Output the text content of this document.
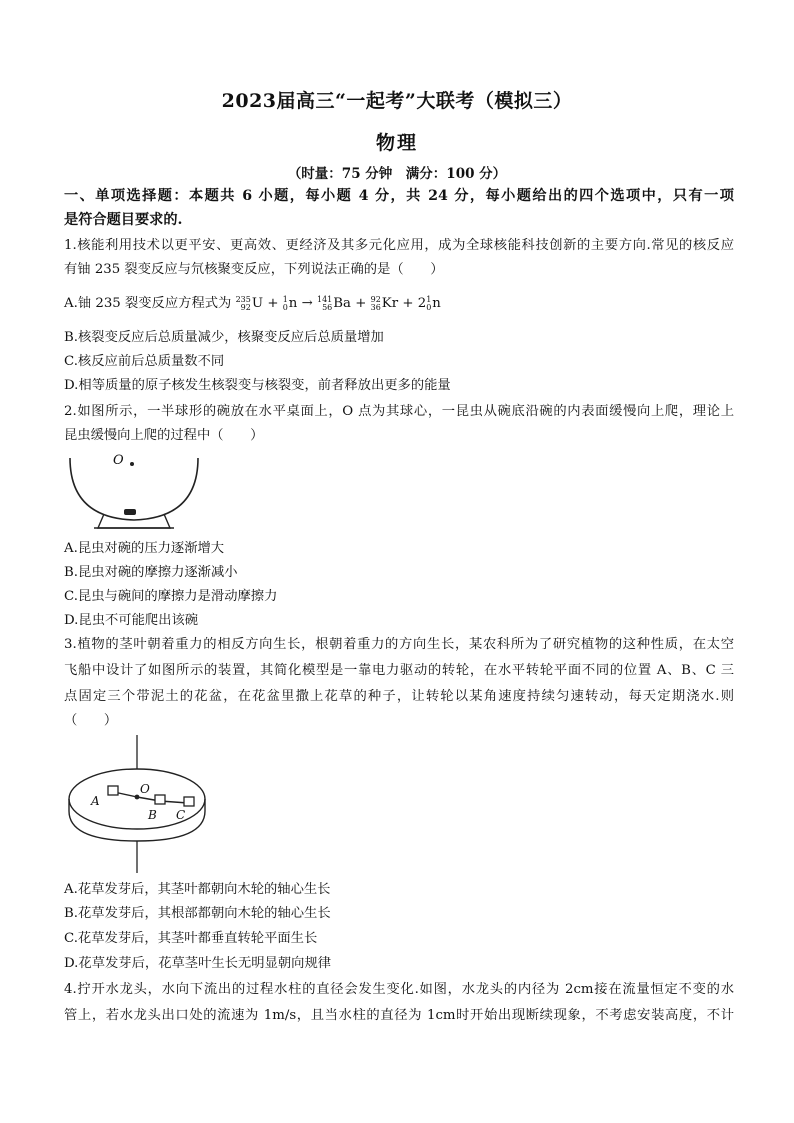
2023届高三“一起考”大联考（模拟三）
物理
（时量：75 分钟　满分：100 分）
一、单项选择题：本题共 6 小题，每小题 4 分，共 24 分，每小题给出的四个选项中，只有一项
是符合题目要求的.
1.核能利用技术以更平安、更高效、更经济及其多元化应用，成为全球核能科技创新的主要方向.常见的核反应
有铀 235 裂变反应与氘核聚变反应，下列说法正确的是（　　）
A.铀 235 裂变反应方程式为 235
92U + 1
0n → 141
56Ba + 92
36Kr + 21
0n
B.核裂变反应后总质量减少，核聚变反应后总质量增加
C.核反应前后总质量数不同
D.相等质量的原子核发生核裂变与核裂变，前者释放出更多的能量
2.如图所示，一半球形的碗放在水平桌面上，O 点为其球心，一昆虫从碗底沿碗的内表面缓慢向上爬，理论上
昆虫缓慢向上爬的过程中（　　）
O
A.昆虫对碗的压力逐渐增大
B.昆虫对碗的摩擦力逐渐减小
C.昆虫与碗间的摩擦力是滑动摩擦力
D.昆虫不可能爬出该碗
3.植物的茎叶朝着重力的相反方向生长，根朝着重力的方向生长，某农科所为了研究植物的这种性质，在太空
飞船中设计了如图所示的装置，其简化模型是一靠电力驱动的转轮，在水平转轮平面不同的位置 A、B、C 三
点固定三个带泥土的花盆，在花盆里撒上花草的种子，让转轮以某角速度持续匀速转动，每天定期浇水.则
（　　）
A
O
B C
A.花草发芽后，其茎叶都朝向木轮的轴心生长
B.花草发芽后，其根部都朝向木轮的轴心生长
C.花草发芽后，其茎叶都垂直转轮平面生长
D.花草发芽后，花草茎叶生长无明显朝向规律
4.拧开水龙头，水向下流出的过程水柱的直径会发生变化.如图，水龙头的内径为 2cm接在流量恒定不变的水
管上，若水龙头出口处的流速为 1m/s，且当水柱的直径为 1cm时开始出现断续现象，不考虑安装高度，不计
